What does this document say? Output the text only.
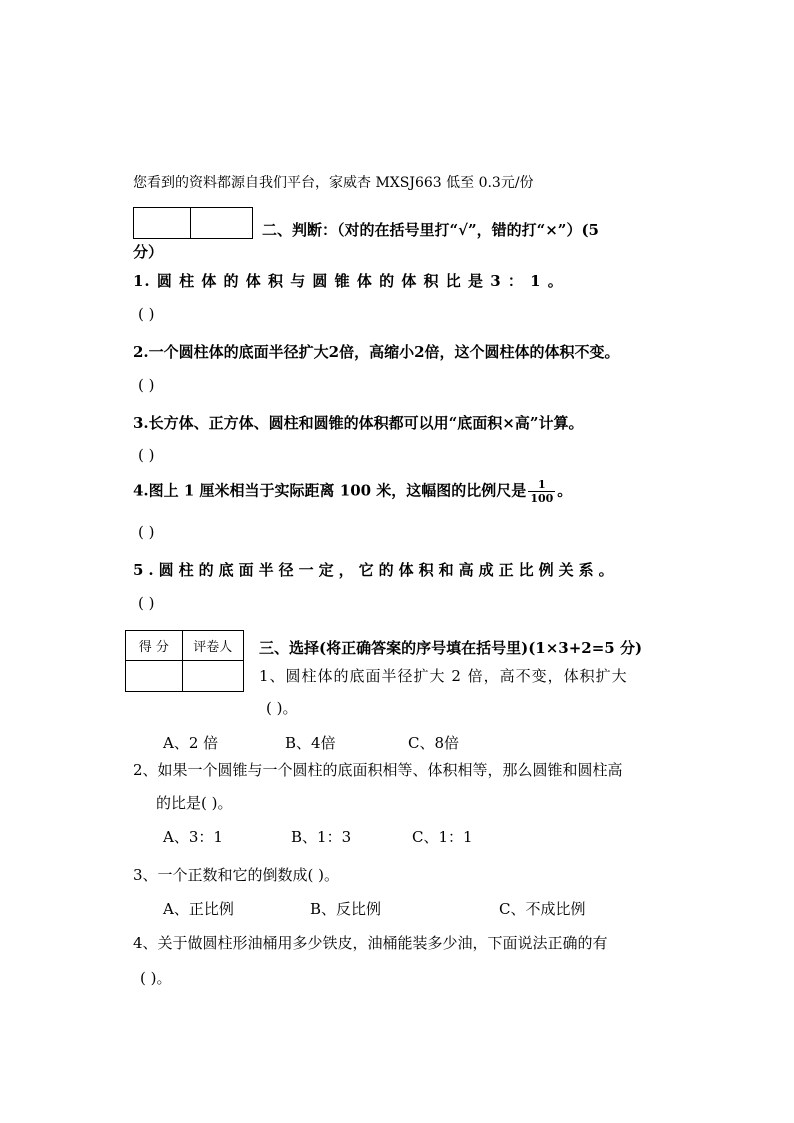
您看到的资料都源自我们平台，家威杏 MXSJ663 低至 0.3元/份
二、判断：（对的在括号里打“√”，错的打“×”）(5
分）
1. 圆 柱 体 的 体 积 与 圆 锥 体 的 体 积 比 是 3 ： 1 。
( )
2.一个圆柱体的底面半径扩大2倍，高缩小2倍，这个圆柱体的体积不变。
( )
3.长方体、正方体、圆柱和圆锥的体积都可以用“底面积×高”计算。
( )
4.图上 1 厘米相当于实际距离 100 米，这幅图的比例尺是 $\frac{1}{100}$ 。
( )
5.圆柱的底面半径一定，它的体积和高成正比例关系。
( )
得 分	评卷人
	三、选择(将正确答案的序号填在括号里)(1×3+2=5 分)
1、圆柱体的底面半径扩大 2 倍，高不变，体积扩大
( )。
A、2 倍	B、4倍	C、8倍
2、如果一个圆锥与一个圆柱的底面积相等、体积相等，那么圆锥和圆柱高
的比是( )。
A、3：1	B、1：3	C、1：1
3、一个正数和它的倒数成( )。
A、正比例	B、反比例	C、不成比例
4、关于做圆柱形油桶用多少铁皮，油桶能装多少油，下面说法正确的有
( )。
